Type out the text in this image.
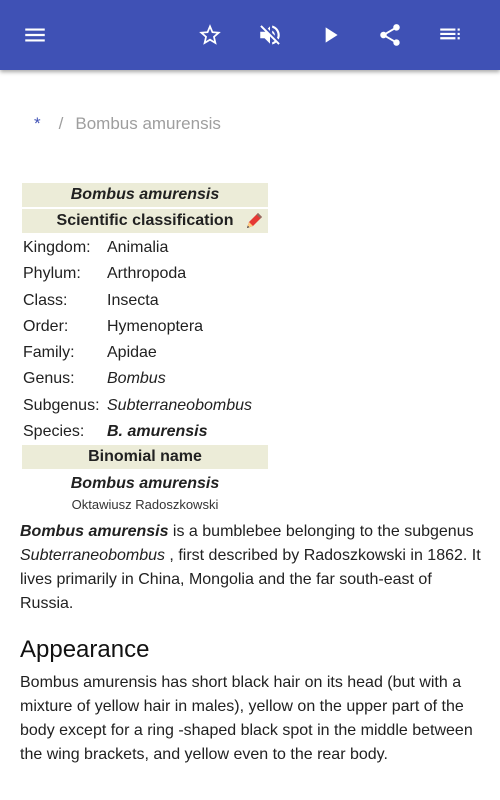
* / Bombus amurensis
Bombus amurensis
Scientific classification
Kingdom:	Animalia
Phylum:	Arthropoda
Class:	Insecta
Order:	Hymenoptera
Family:	Apidae
Genus:	Bombus
Subgenus: Subterraneobombus
Species:	B. amurensis
Binomial name
Bombus amurensis
Oktawiusz Radoszkowski

Bombus amurensis is a bumblebee belonging to the subgenus Subterraneobombus , first described by Radoszkowski in 1862. It lives primarily in China, Mongolia and the far south-east of Russia.

Appearance

Bombus amurensis has short black hair on its head (but with a mixture of yellow hair in males), yellow on the upper part of the body except for a ring -shaped black spot in the middle between the wing brackets, and yellow even to the rear body.
